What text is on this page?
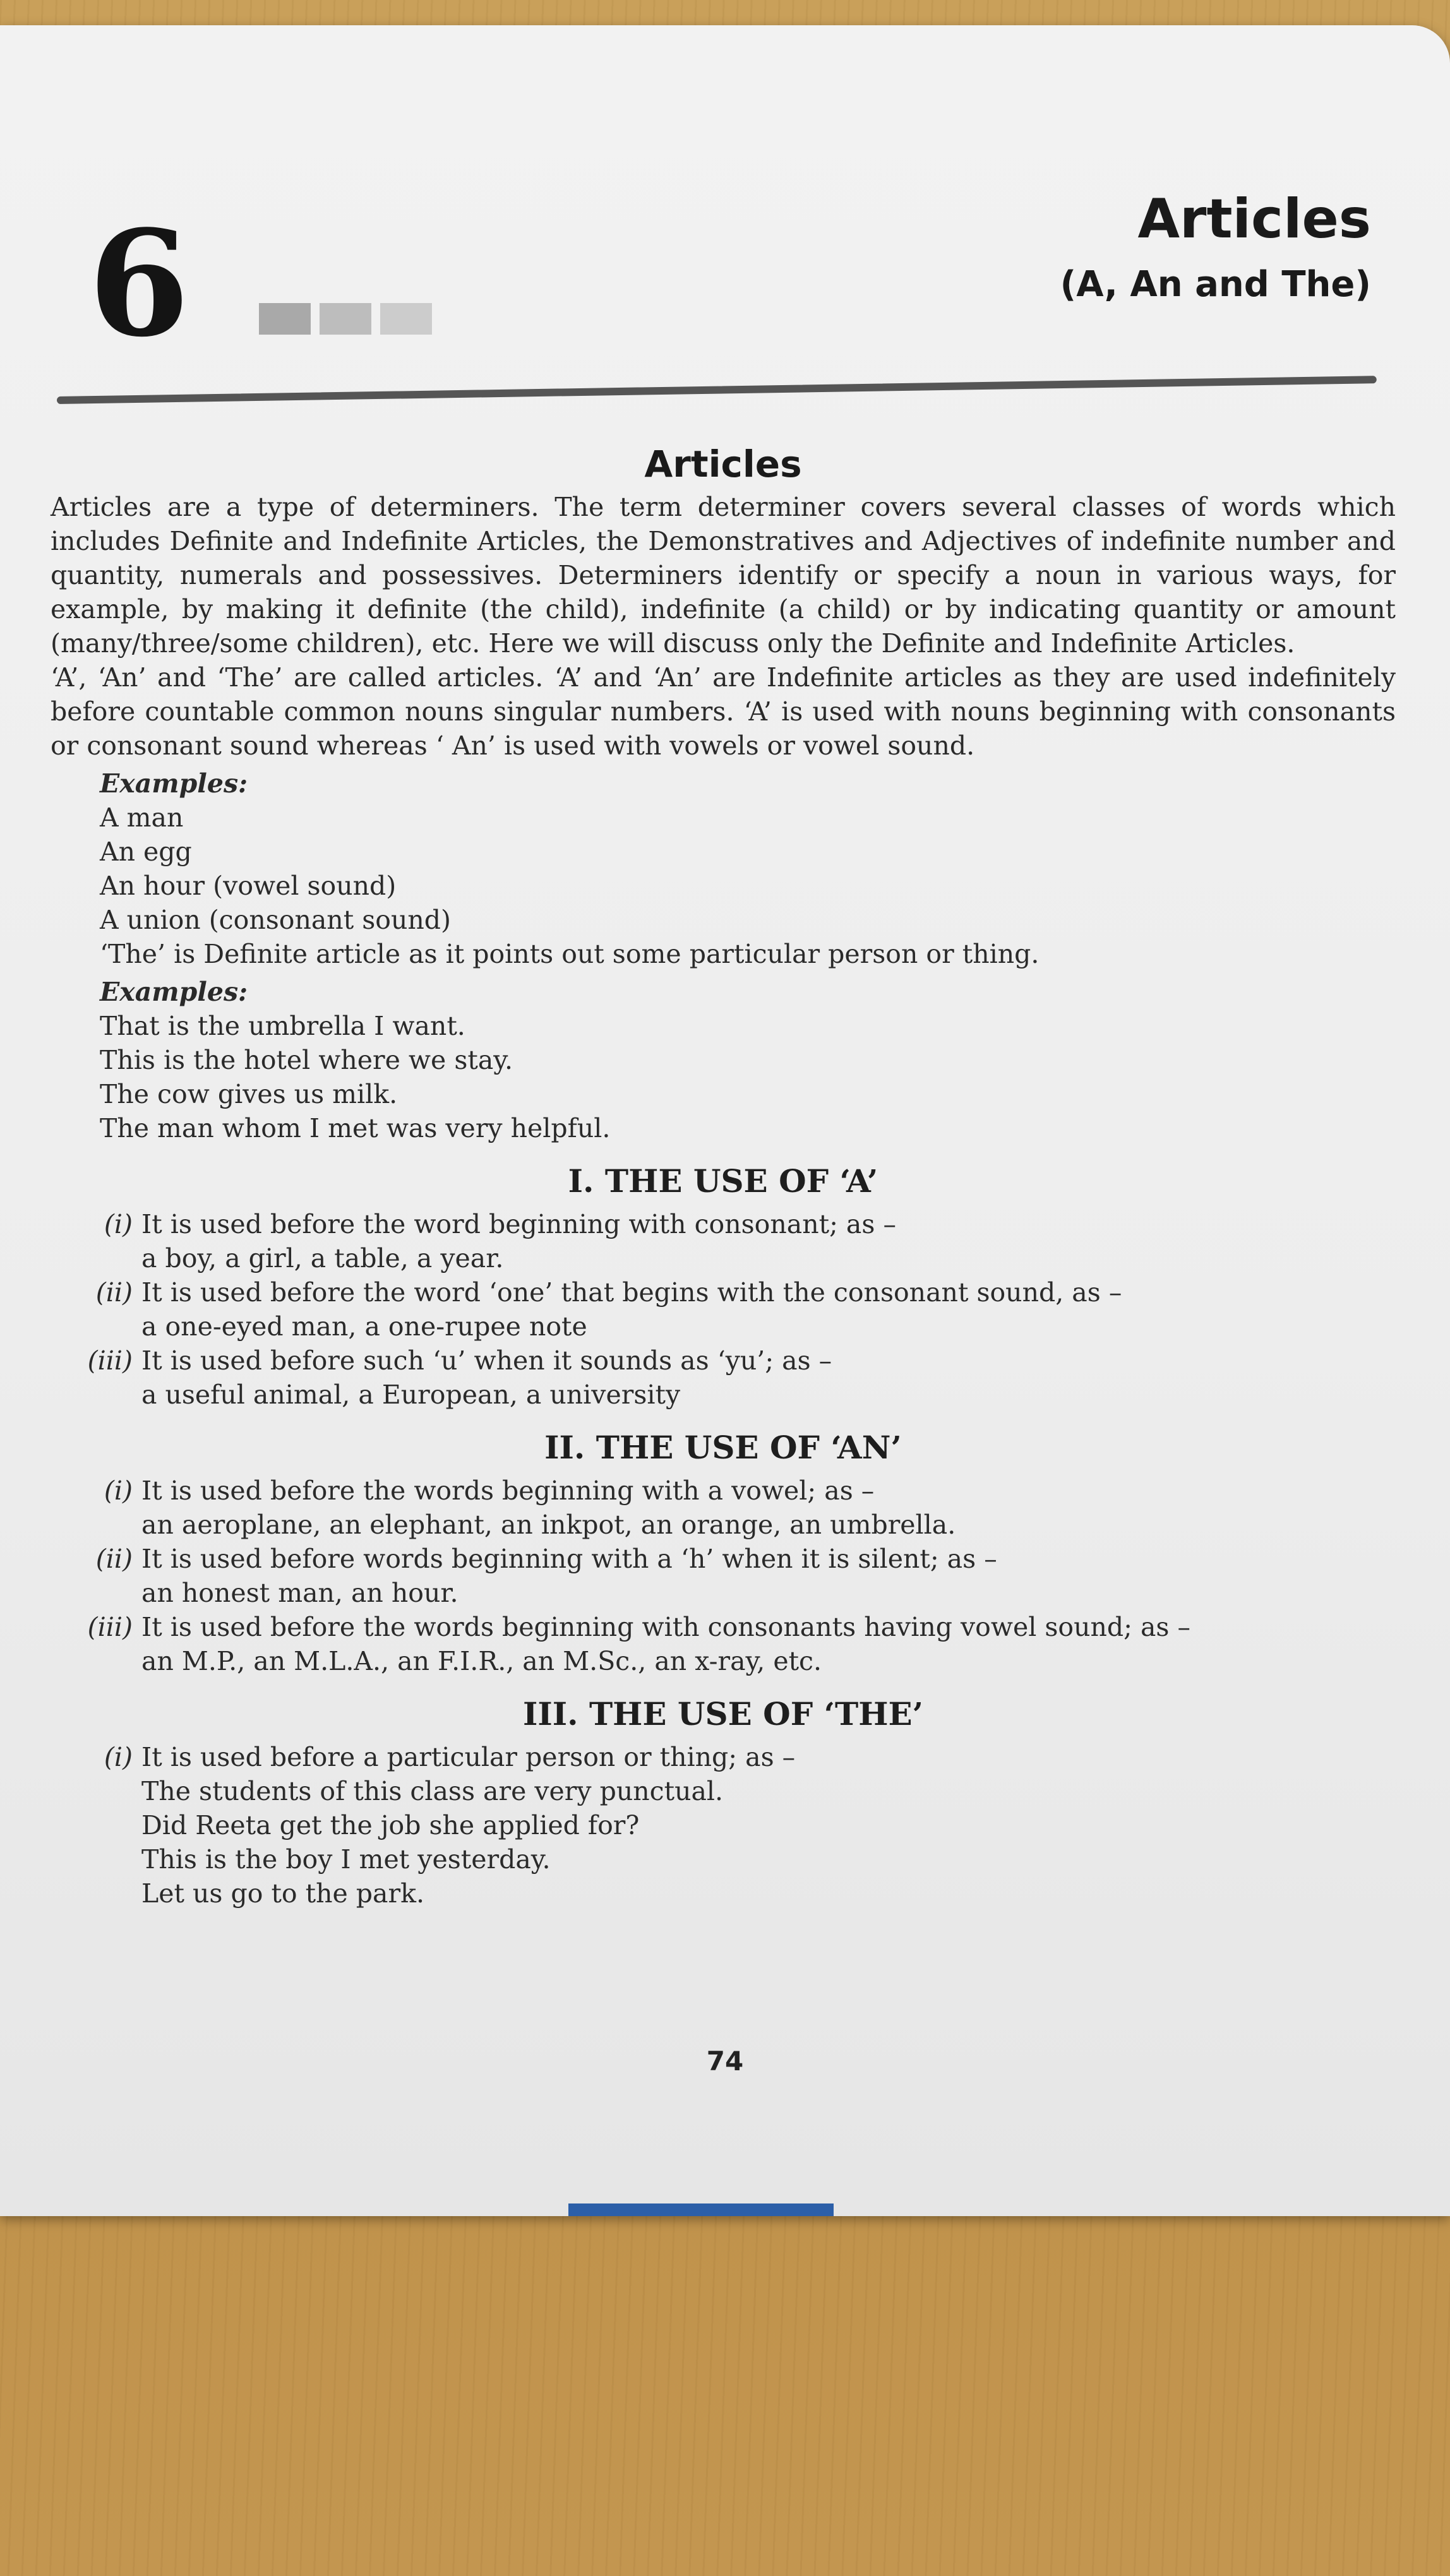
6	Articles
(A, An and The)
Articles

Articles are a type of determiners. The term determiner covers several classes of words which includes Definite and Indefinite Articles, the Demonstratives and Adjectives of indefinite number and quantity, numerals and possessives. Determiners identify or specify a noun in various ways, for example, by making it definite (the child), indefinite (a child) or by indicating quantity or amount (many/three/some children), etc. Here we will discuss only the Definite and Indefinite Articles.

‘A’, ‘An’ and ‘The’ are called articles. ‘A’ and ‘An’ are Indefinite articles as they are used indefinitely before countable common nouns singular numbers. ‘A’ is used with nouns beginning with consonants or consonant sound whereas ‘ An’ is used with vowels or vowel sound.

Examples:
A man
An egg
An hour (vowel sound)
A union (consonant sound)
‘The’ is Definite article as it points out some particular person or thing.
Examples:
That is the umbrella I want.
This is the hotel where we stay.
The cow gives us milk.
The man whom I met was very helpful.
I. THE USE OF ‘A’
(i) It is used before the word beginning with consonant; as –
a boy, a girl, a table, a year.
(ii) It is used before the word ‘one’ that begins with the consonant sound, as –
a one-eyed man, a one-rupee note
(iii) It is used before such ‘u’ when it sounds as ‘yu’; as –
a useful animal, a European, a university
II. THE USE OF ‘AN’
(i) It is used before the words beginning with a vowel; as –
an aeroplane, an elephant, an inkpot, an orange, an umbrella.
(ii) It is used before words beginning with a ‘h’ when it is silent; as –
an honest man, an hour.
(iii) It is used before the words beginning with consonants having vowel sound; as –
an M.P., an M.L.A., an F.I.R., an M.Sc., an x-ray, etc.
III. THE USE OF ‘THE’
(i) It is used before a particular person or thing; as –
The students of this class are very punctual.
Did Reeta get the job she applied for?
This is the boy I met yesterday.
Let us go to the park.
74
